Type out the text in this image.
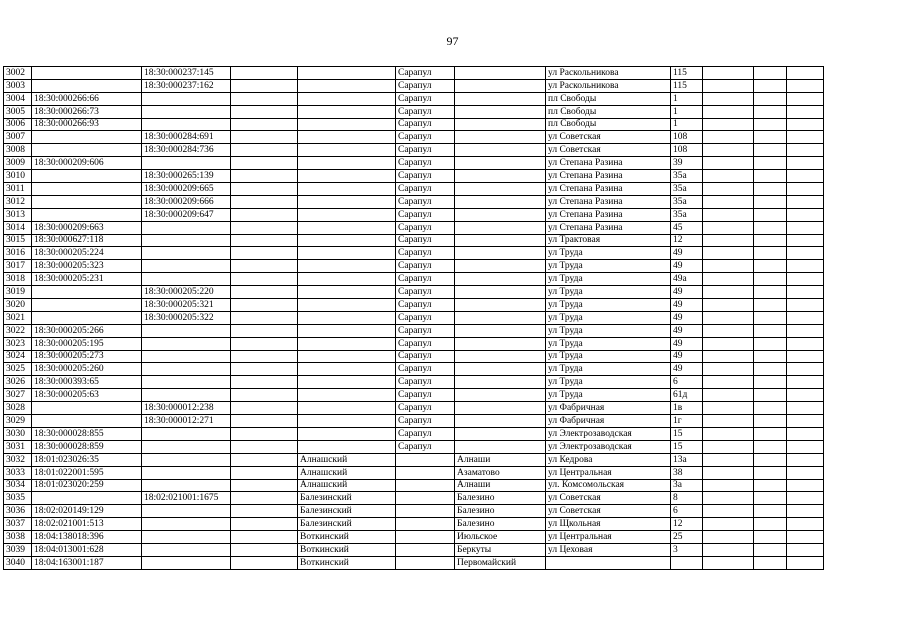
97
3002		18:30:000237:145			Сарапул		ул Раскольникова	115			
3003		18:30:000237:162			Сарапул		ул Раскольникова	115			
3004	18:30:000266:66				Сарапул		пл Свободы	1			
3005	18:30:000266:73				Сарапул		пл Свободы	1			
3006	18:30:000266:93				Сарапул		пл Свободы	1			
3007		18:30:000284:691			Сарапул		ул Советская	108			
3008		18:30:000284:736			Сарапул		ул Советская	108			
3009	18:30:000209:606				Сарапул		ул Степана Разина	39			
3010		18:30:000265:139			Сарапул		ул Степана Разина	35а			
3011		18:30:000209:665			Сарапул		ул Степана Разина	35а			
3012		18:30:000209:666			Сарапул		ул Степана Разина	35а			
3013		18:30:000209:647			Сарапул		ул Степана Разина	35а			
3014	18:30:000209:663				Сарапул		ул Степана Разина	45			
3015	18:30:000627:118				Сарапул		ул Трактовая	12			
3016	18:30:000205:224				Сарапул		ул Труда	49			
3017	18:30:000205:323				Сарапул		ул Труда	49			
3018	18:30:000205:231				Сарапул		ул Труда	49а			
3019		18:30:000205:220			Сарапул		ул Труда	49			
3020		18:30:000205:321			Сарапул		ул Труда	49			
3021		18:30:000205:322			Сарапул		ул Труда	49			
3022	18:30:000205:266				Сарапул		ул Труда	49			
3023	18:30:000205:195				Сарапул		ул Труда	49			
3024	18:30:000205:273				Сарапул		ул Труда	49			
3025	18:30:000205:260				Сарапул		ул Труда	49			
3026	18:30:000393:65				Сарапул		ул Труда	6			
3027	18:30:000205:63				Сарапул		ул Труда	61д			
3028		18:30:000012:238			Сарапул		ул Фабричная	1в			
3029		18:30:000012:271			Сарапул		ул Фабричная	1г			
3030	18:30:000028:855				Сарапул		ул Электрозаводская	15			
3031	18:30:000028:859				Сарапул		ул Электрозаводская	15			
3032	18:01:023026:35			Алнашский		Алнаши	ул Кедрова	13а			
3033	18:01:022001:595			Алнашский		Азаматово	ул Центральная	38			
3034	18:01:023020:259			Алнашский		Алнаши	ул. Комсомольская	3а			
3035		18:02:021001:1675		Балезинский		Балезино	ул Советская	8			
3036	18:02:020149:129			Балезинский		Балезино	ул Советская	6			
3037	18:02:021001:513			Балезинский		Балезино	ул Щкольная	12			
3038	18:04:138018:396			Воткинский		Июльское	ул Центральная	25			
3039	18:04:013001:628			Воткинский		Беркуты	ул Цеховая	3			
3040	18:04:163001:187			Воткинский		Первомайский					
